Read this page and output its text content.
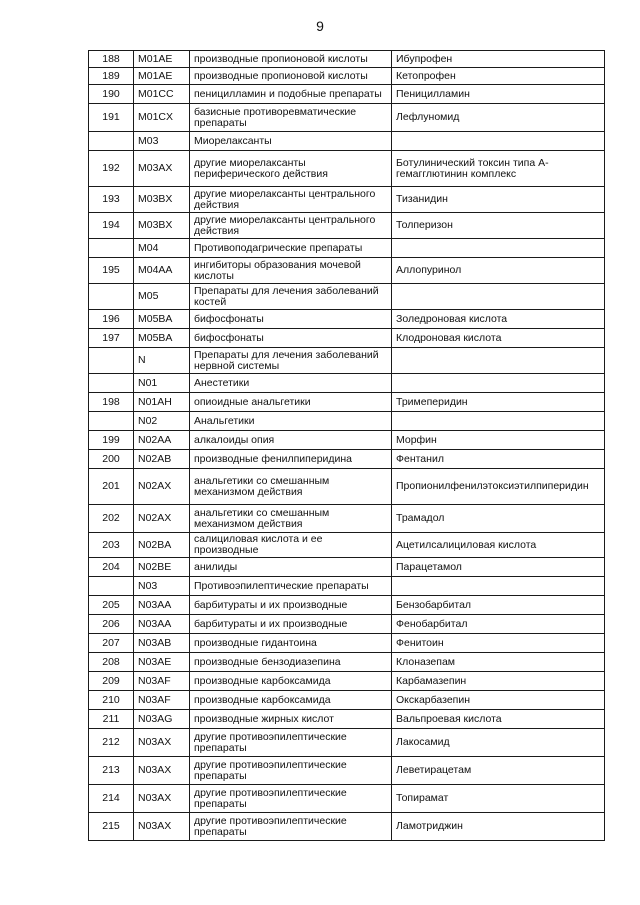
9
188	M01AE	производные пропионовой кислоты	Ибупрофен
189	M01AE	производные пропионовой кислоты	Кетопрофен
190	M01CC	пеницилламин и подобные препараты	Пеницилламин
191	M01CX	базисные противоревматические препараты	Лефлуномид
	M03	Миорелаксанты	
192	M03AX	другие миорелаксанты периферического действия	Ботулинический токсин типа А-гемагглютинин комплекс
193	M03BX	другие миорелаксанты центрального действия	Тизанидин
194	M03BX	другие миорелаксанты центрального действия	Толперизон
	M04	Противоподагрические препараты	
195	M04AA	ингибиторы образования мочевой кислоты	Аллопуринол
	M05	Препараты для лечения заболеваний костей	
196	M05BA	бифосфонаты	Золедроновая кислота
197	M05BA	бифосфонаты	Клодроновая кислота
	N	Препараты для лечения заболеваний нервной системы	
	N01	Анестетики	
198	N01AH	опиоидные анальгетики	Тримеперидин
	N02	Анальгетики	
199	N02AA	алкалоиды опия	Морфин
200	N02AB	производные фенилпиперидина	Фентанил
201	N02AX	анальгетики со смешанным механизмом действия	Пропионилфенилэтоксиэтилпиперидин
202	N02AX	анальгетики со смешанным механизмом действия	Трамадол
203	N02BA	салициловая кислота и ее производные	Ацетилсалициловая кислота
204	N02BE	анилиды	Парацетамол
	N03	Противоэпилептические препараты	
205	N03AA	барбитураты и их производные	Бензобарбитал
206	N03AA	барбитураты и их производные	Фенобарбитал
207	N03AB	производные гидантоина	Фенитоин
208	N03AE	производные бензодиазепина	Клоназепам
209	N03AF	производные карбоксамида	Карбамазепин
210	N03AF	производные карбоксамида	Окскарбазепин
211	N03AG	производные жирных кислот	Вальпроевая кислота
212	N03AX	другие противоэпилептические препараты	Лакосамид
213	N03AX	другие противоэпилептические препараты	Леветирацетам
214	N03AX	другие противоэпилептические препараты	Топирамат
215	N03AX	другие противоэпилептические препараты	Ламотриджин
